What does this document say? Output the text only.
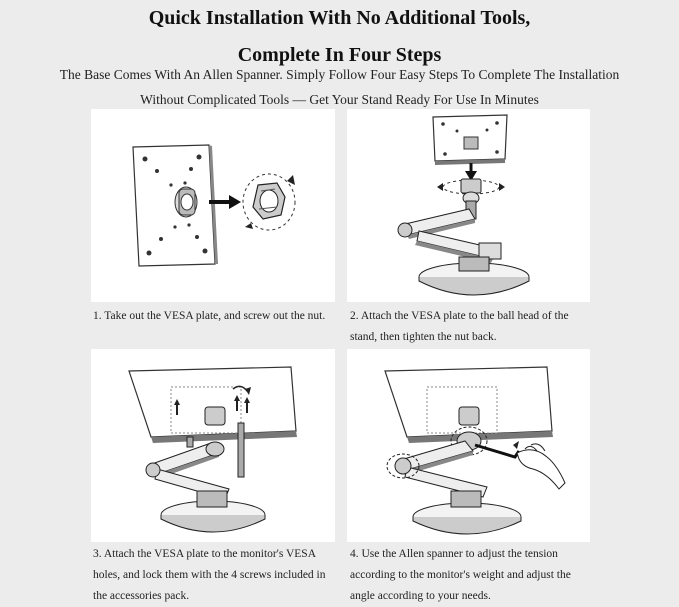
Quick Installation With No Additional Tools,
Complete In Four Steps
The Base Comes With An Allen Spanner. Simply Follow Four Easy Steps To Complete The Installation
Without Complicated Tools — Get Your Stand Ready For Use In Minutes
1. Take out the VESA plate, and screw out the nut.	2. Attach the VESA plate to the ball head of the stand, then tighten the nut back.
3. Attach the VESA plate to the monitor's VESA holes, and lock them with the 4 screws included in the accessories pack.
4. Use the Allen spanner to adjust the tension according to the monitor's weight and adjust the angle according to your needs.
